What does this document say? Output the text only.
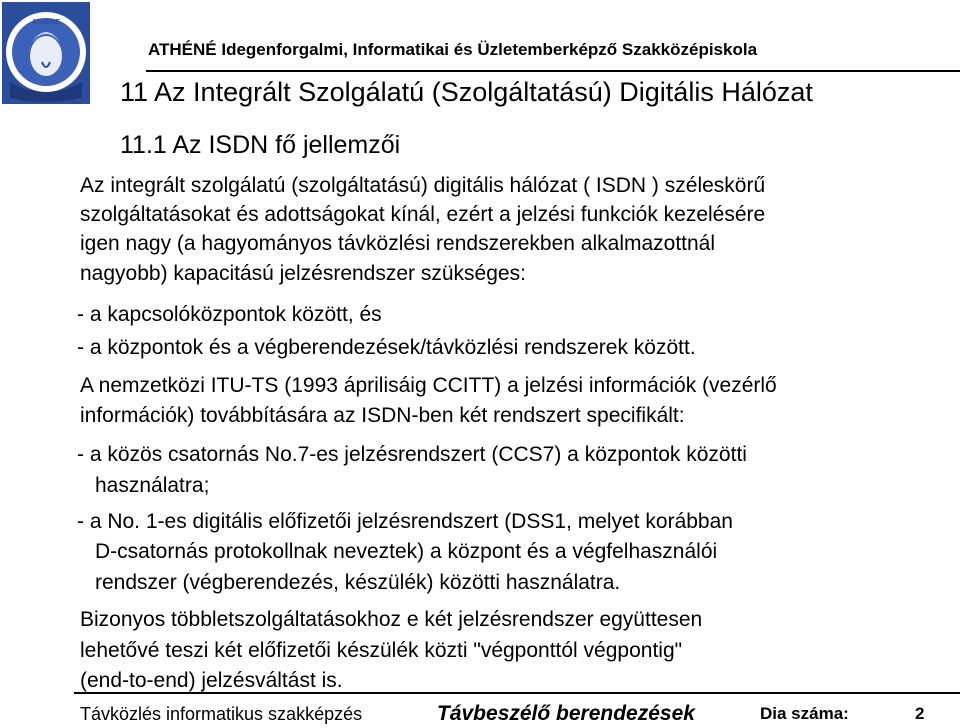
ATHENE
ATHÉNÉ Idegenforgalmi, Informatikai és Üzletemberképző Szakközépiskola
11 Az Integrált Szolgálatú (Szolgáltatású) Digitális Hálózat
11.1 Az ISDN fő jellemzői
Az integrált szolgálatú (szolgáltatású) digitális hálózat ( ISDN ) széleskörű
szolgáltatásokat és adottságokat kínál, ezért a jelzési funkciók kezelésére
igen nagy (a hagyományos távközlési rendszerekben alkalmazottnál
nagyobb) kapacitású jelzésrendszer szükséges:
- a kapcsolóközpontok között, és
- a központok és a végberendezések/távközlési rendszerek között.
A nemzetközi ITU-TS (1993 áprilisáig CCITT) a jelzési információk (vezérlő
információk) továbbítására az ISDN-ben két rendszert specifikált:
- a közös csatornás No.7-es jelzésrendszert (CCS7) a központok közötti
használatra;
- a No. 1-es digitális előfizetői jelzésrendszert (DSS1, melyet korábban
D-csatornás protokollnak neveztek) a központ és a végfelhasználói
rendszer (végberendezés, készülék) közötti használatra.
Bizonyos többletszolgáltatásokhoz e két jelzésrendszer együttesen
lehetővé teszi két előfizetői készülék közti "végponttól végpontig"
(end-to-end) jelzésváltást is.
Távközlés informatikus szakképzés	Távbeszélő berendezések	Dia száma:	2
